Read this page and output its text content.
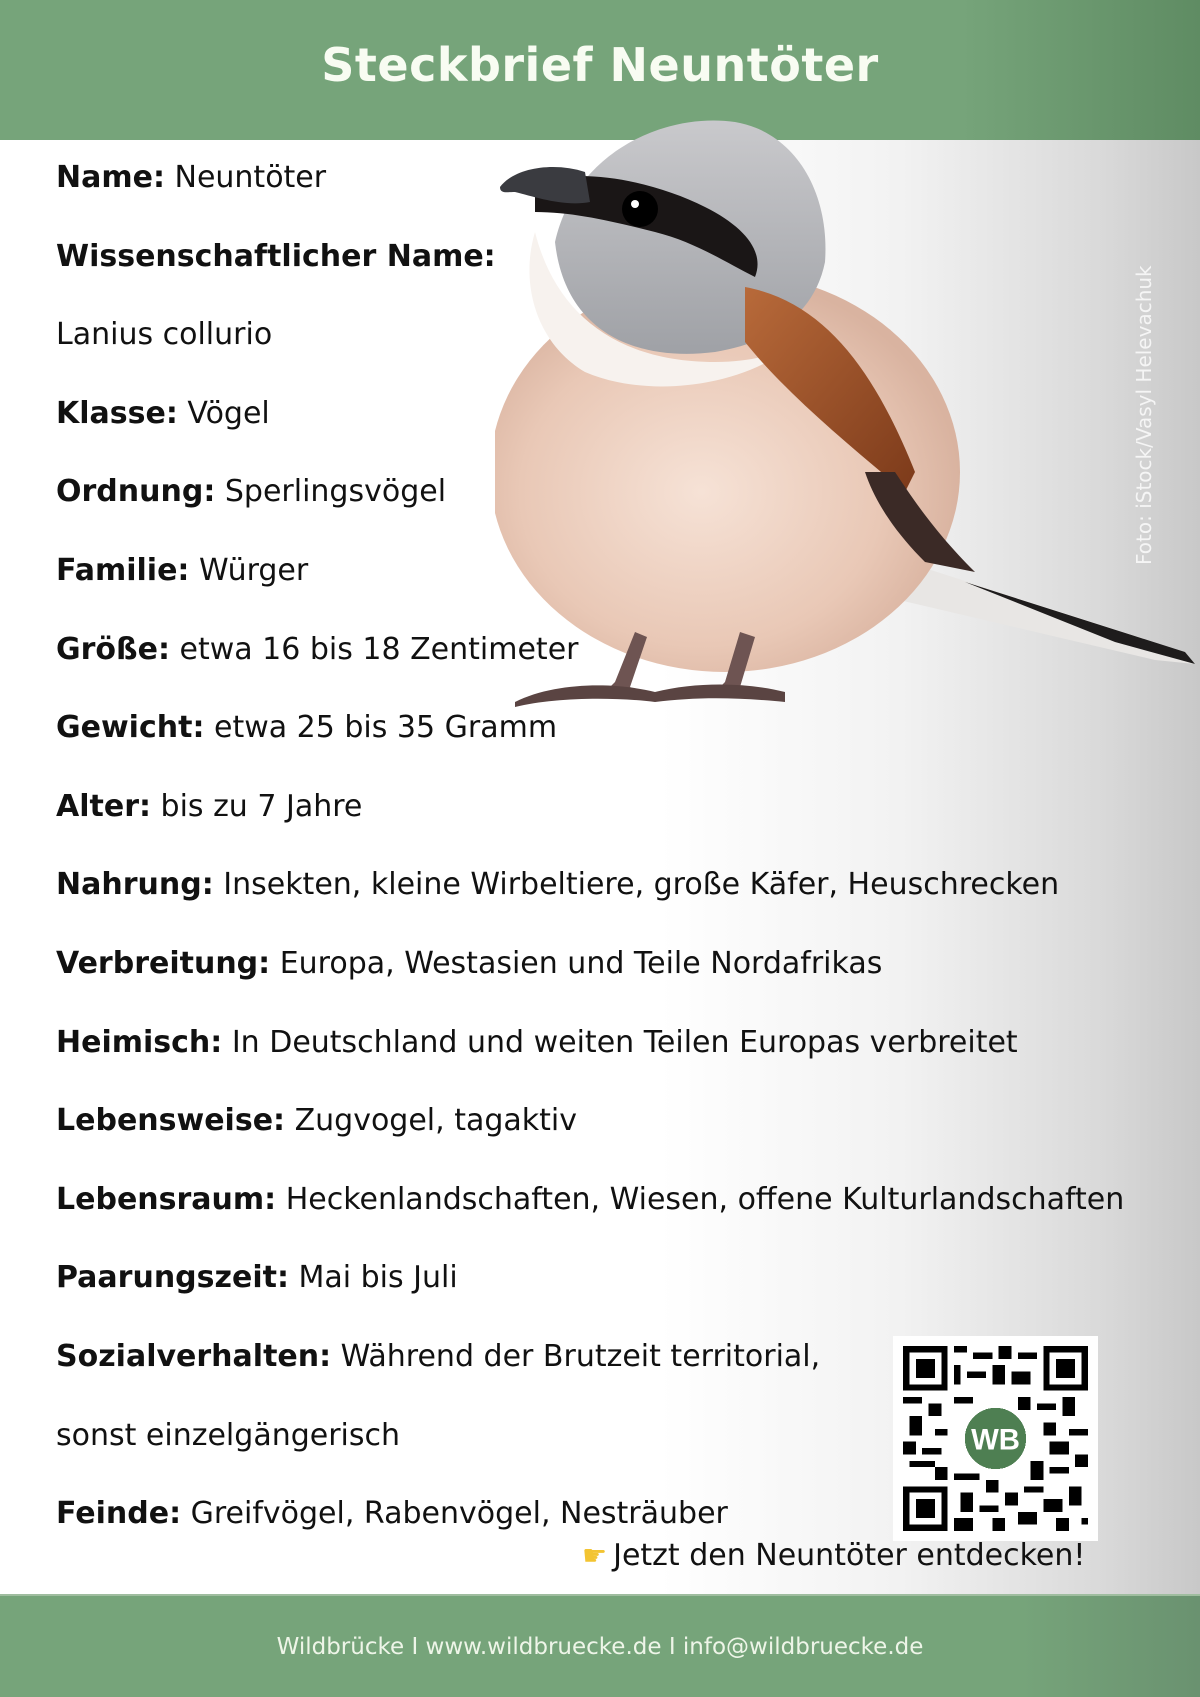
Steckbrief Neuntöter
Foto: iStock/Vasyl Helevachuk
Name: Neuntöter
Wissenschaftlicher Name:
Lanius collurio
Klasse: Vögel
Ordnung: Sperlingsvögel
Familie: Würger
Größe: etwa 16 bis 18 Zentimeter
Gewicht: etwa 25 bis 35 Gramm
Alter: bis zu 7 Jahre
Nahrung: Insekten, kleine Wirbeltiere, große Käfer, Heuschrecken
Verbreitung: Europa, Westasien und Teile Nordafrikas
Heimisch: In Deutschland und weiten Teilen Europas verbreitet
Lebensweise: Zugvogel, tagaktiv
Lebensraum: Heckenlandschaften, Wiesen, offene Kulturlandschaften
Paarungszeit: Mai bis Juli
Sozialverhalten: Während der Brutzeit territorial,
sonst einzelgängerisch
Feinde: Greifvögel, Rabenvögel, Nesträuber
WB
☛ Jetzt den Neuntöter entdecken!
Wildbrücke I www.wildbruecke.de I info@wildbruecke.de
